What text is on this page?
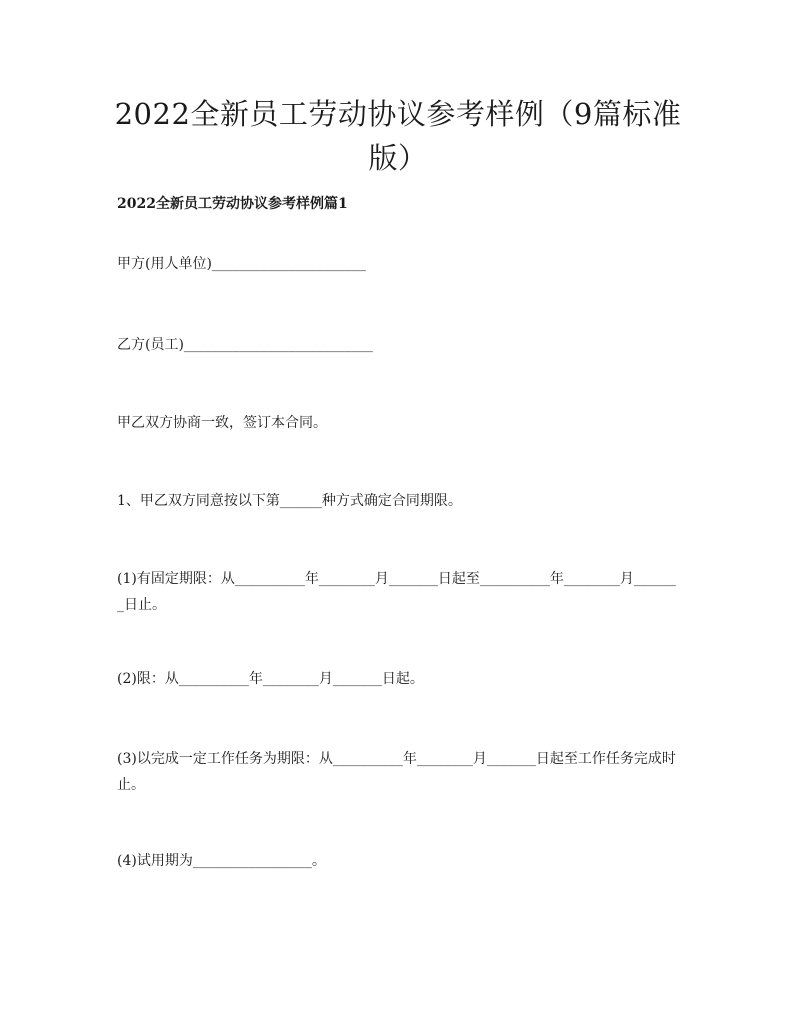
2022全新员工劳动协议参考样例（9篇标准版）
2022全新员工劳动协议参考样例篇1

甲方(用人单位)______________________

乙方(员工)___________________________

甲乙双方协商一致，签订本合同。

1、甲乙双方同意按以下第______种方式确定合同期限。

(1)有固定期限：从__________年________月_______日起至__________年________月_______日止。

(2)限：从__________年________月_______日起。

(3)以完成一定工作任务为期限：从__________年________月_______日起至工作任务完成时止。

(4)试用期为_________________。
